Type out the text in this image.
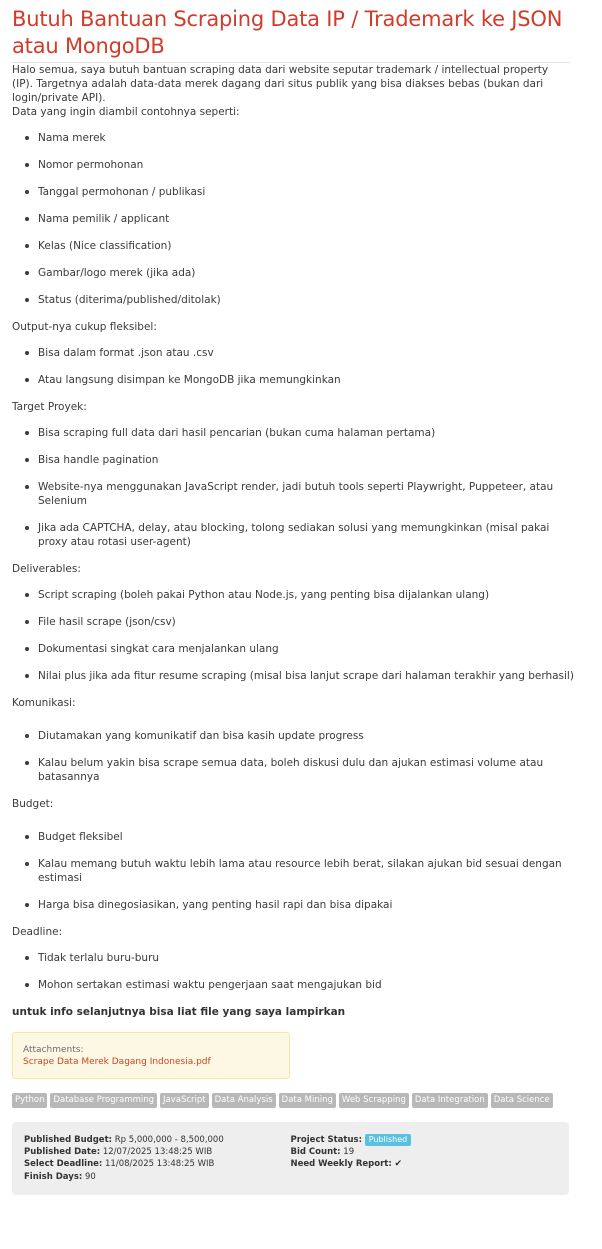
Butuh Bantuan Scraping Data IP / Trademark ke JSON atau MongoDB

Halo semua, saya butuh bantuan scraping data dari website seputar trademark / intellectual property (IP). Targetnya adalah data-data merek dagang dari situs publik yang bisa diakses bebas (bukan dari login/private API).

Data yang ingin diambil contohnya seperti:

Nama merek
Nomor permohonan
Tanggal permohonan / publikasi
Nama pemilik / applicant
Kelas (Nice classification)
Gambar/logo merek (jika ada)
Status (diterima/published/ditolak)

Output-nya cukup fleksibel:

Bisa dalam format .json atau .csv
Atau langsung disimpan ke MongoDB jika memungkinkan

Target Proyek:

Bisa scraping full data dari hasil pencarian (bukan cuma halaman pertama)
Bisa handle pagination
Website-nya menggunakan JavaScript render, jadi butuh tools seperti Playwright, Puppeteer, atau Selenium
Jika ada CAPTCHA, delay, atau blocking, tolong sediakan solusi yang memungkinkan (misal pakai proxy atau rotasi user-agent)

Deliverables:

Script scraping (boleh pakai Python atau Node.js, yang penting bisa dijalankan ulang)
File hasil scrape (json/csv)
Dokumentasi singkat cara menjalankan ulang
Nilai plus jika ada fitur resume scraping (misal bisa lanjut scrape dari halaman terakhir yang berhasil)

Komunikasi:

Diutamakan yang komunikatif dan bisa kasih update progress
Kalau belum yakin bisa scrape semua data, boleh diskusi dulu dan ajukan estimasi volume atau batasannya

Budget:

Budget fleksibel
Kalau memang butuh waktu lebih lama atau resource lebih berat, silakan ajukan bid sesuai dengan estimasi
Harga bisa dinegosiasikan, yang penting hasil rapi dan bisa dipakai

Deadline:

Tidak terlalu buru-buru
Mohon sertakan estimasi waktu pengerjaan saat mengajukan bid

untuk info selanjutnya bisa liat file yang saya lampirkan

Attachments:
Scrape Data Merek Dagang Indonesia.pdf
Python	Database Programming	JavaScript	Data Analysis	Data Mining	Web Scrapping	Data Integration	Data Science
Published Budget: Rp 5,000,000 - 8,500,000
Published Date: 12/07/2025 13:48:25 WIB
Select Deadline: 11/08/2025 13:48:25 WIB
Finish Days: 90
Project Status: Published
Bid Count: 19
Need Weekly Report: ✔
